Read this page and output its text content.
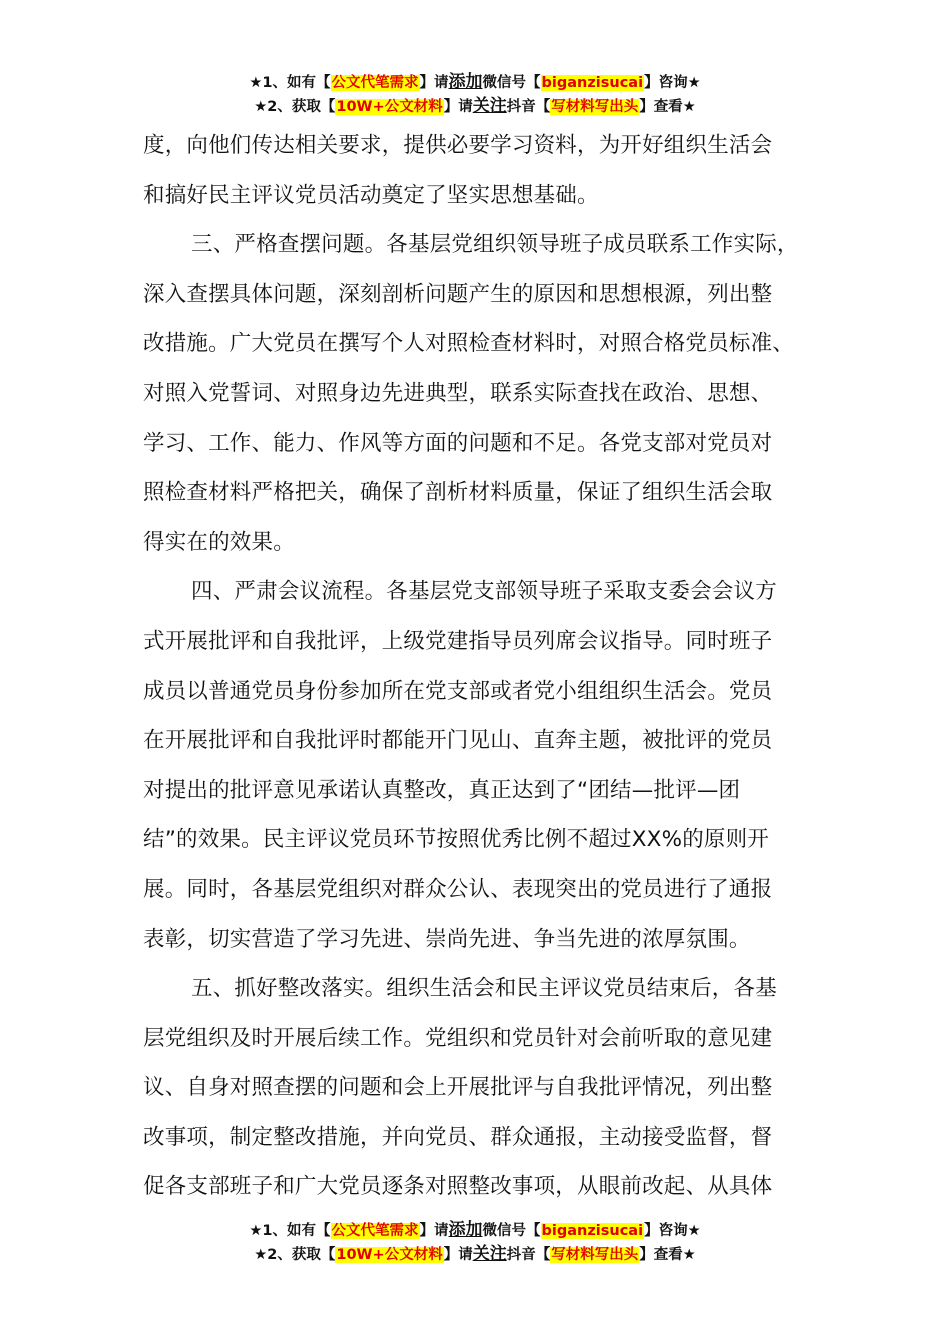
★1、如有【公文代笔需求】请添加微信号【biganzisucai】咨询★
★2、获取【10W+公文材料】请关注抖音【写材料写出头】查看★
度，向他们传达相关要求，提供必要学习资料，为开好组织生活会
和搞好民主评议党员活动奠定了坚实思想基础。
三、严格查摆问题。各基层党组织领导班子成员联系工作实际，
深入查摆具体问题，深刻剖析问题产生的原因和思想根源，列出整
改措施。广大党员在撰写个人对照检查材料时，对照合格党员标准、
对照入党誓词、对照身边先进典型，联系实际查找在政治、思想、
学习、工作、能力、作风等方面的问题和不足。各党支部对党员对
照检查材料严格把关，确保了剖析材料质量，保证了组织生活会取
得实在的效果。
四、严肃会议流程。各基层党支部领导班子采取支委会会议方
式开展批评和自我批评，上级党建指导员列席会议指导。同时班子
成员以普通党员身份参加所在党支部或者党小组组织生活会。党员
在开展批评和自我批评时都能开门见山、直奔主题，被批评的党员
对提出的批评意见承诺认真整改，真正达到了“团结—批评—团
结”的效果。民主评议党员环节按照优秀比例不超过XX%的原则开
展。同时，各基层党组织对群众公认、表现突出的党员进行了通报
表彰，切实营造了学习先进、崇尚先进、争当先进的浓厚氛围。
五、抓好整改落实。组织生活会和民主评议党员结束后，各基
层党组织及时开展后续工作。党组织和党员针对会前听取的意见建
议、自身对照查摆的问题和会上开展批评与自我批评情况，列出整
改事项，制定整改措施，并向党员、群众通报，主动接受监督，督
促各支部班子和广大党员逐条对照整改事项，从眼前改起、从具体
★1、如有【公文代笔需求】请添加微信号【biganzisucai】咨询★
★2、获取【10W+公文材料】请关注抖音【写材料写出头】查看★
